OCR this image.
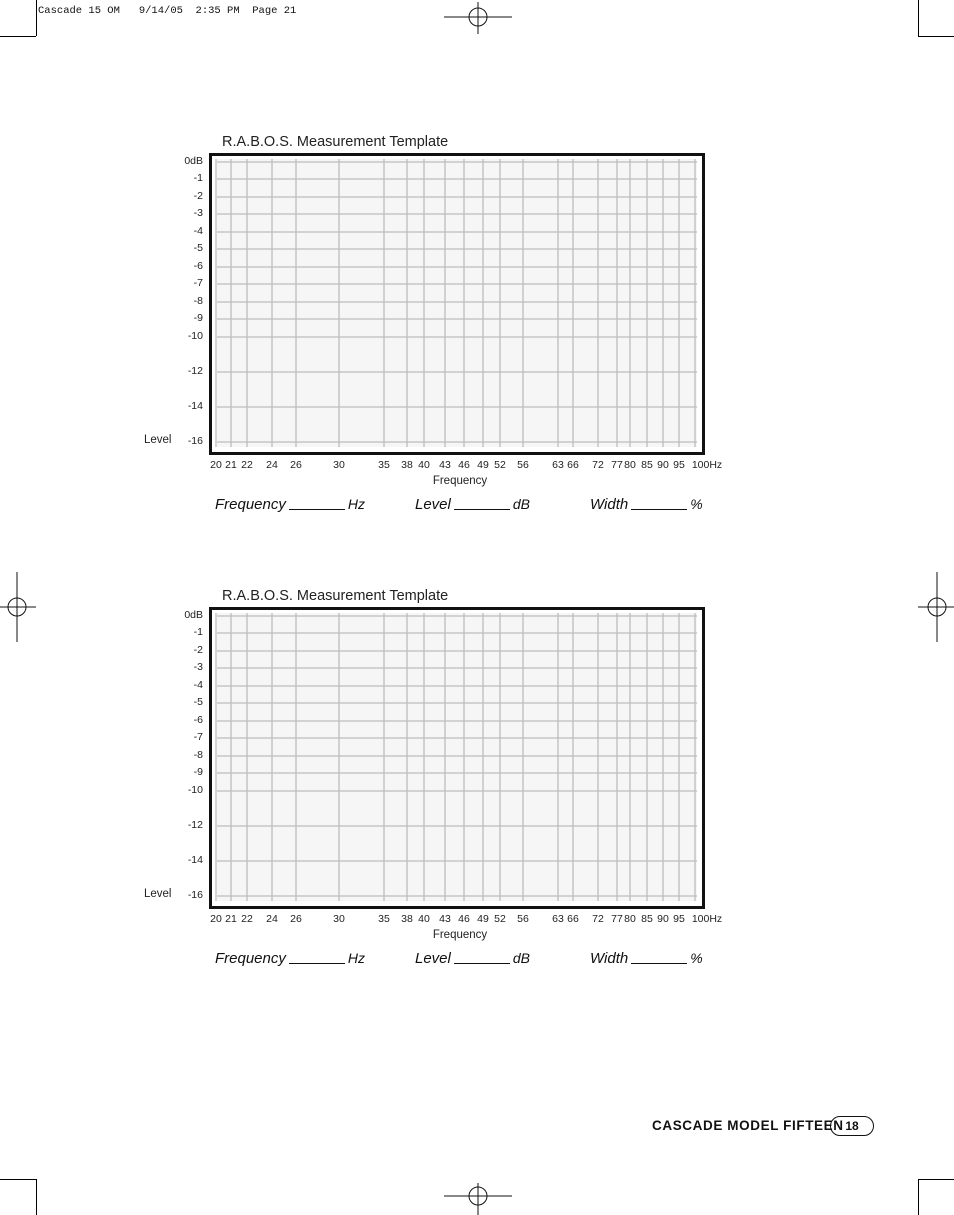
Cascade 15 OM   9/14/05  2:35 PM  Page 21
R.A.B.O.S. Measurement Template
Level
Frequency
0dB
-1
-2
-3
-4
-5
-6
-7
-8
-9
-10
-12
-14
-16
20 21 22 24 26	30	35 38 40 43 46 49 52 56 63 66 72 77 80 85 90 95 100Hz
Frequency	Hz	Level	dB	Width	%
R.A.B.O.S. Measurement Template
Level
Frequency
0dB
-1
-2
-3
-4
-5
-6
-7
-8
-9
-10
-12
-14
-16
20 21 22 24 26	30	35 38 40 43 46 49 52 56 63 66 72 77 80 85 90 95 100Hz
Frequency	Hz	Level	dB	Width	%
CASCADE MODEL FIFTEEN 18
